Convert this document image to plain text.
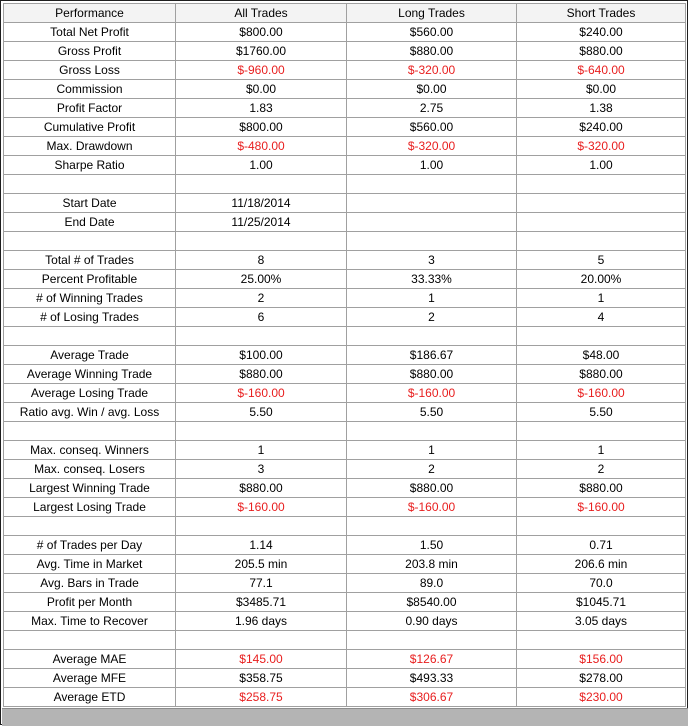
Performance	All Trades	Long Trades	Short Trades
Total Net Profit	$800.00	$560.00	$240.00
Gross Profit	$1760.00	$880.00	$880.00
Gross Loss	$-960.00	$-320.00	$-640.00
Commission	$0.00	$0.00	$0.00
Profit Factor	1.83	2.75	1.38
Cumulative Profit	$800.00	$560.00	$240.00
Max. Drawdown	$-480.00	$-320.00	$-320.00
Sharpe Ratio	1.00	1.00	1.00

Start Date	11/18/2014		
End Date	11/25/2014		

Total # of Trades	8	3	5
Percent Profitable	25.00%	33.33%	20.00%
# of Winning Trades	2	1	1
# of Losing Trades	6	2	4

Average Trade	$100.00	$186.67	$48.00
Average Winning Trade	$880.00	$880.00	$880.00
Average Losing Trade	$-160.00	$-160.00	$-160.00
Ratio avg. Win / avg. Loss	5.50	5.50	5.50

Max. conseq. Winners	1	1	1
Max. conseq. Losers	3	2	2
Largest Winning Trade	$880.00	$880.00	$880.00
Largest Losing Trade	$-160.00	$-160.00	$-160.00

# of Trades per Day	1.14	1.50	0.71
Avg. Time in Market	205.5 min	203.8 min	206.6 min
Avg. Bars in Trade	77.1	89.0	70.0
Profit per Month	$3485.71	$8540.00	$1045.71
Max. Time to Recover	1.96 days	0.90 days	3.05 days

Average MAE	$145.00	$126.67	$156.00
Average MFE	$358.75	$493.33	$278.00
Average ETD	$258.75	$306.67	$230.00
